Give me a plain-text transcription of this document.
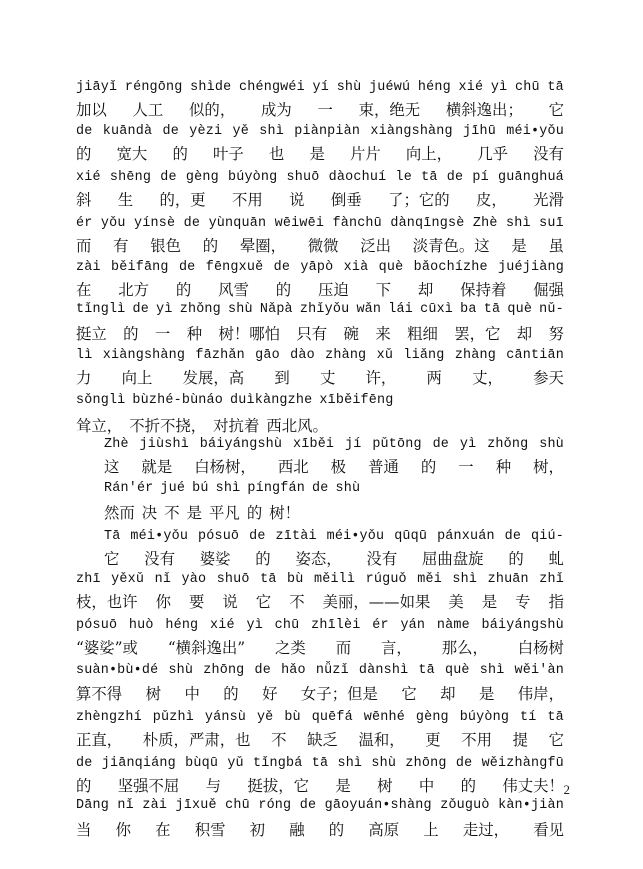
jiāyǐ réngōng shìde chéngwéi yí shù juéwú héng xié yì chū tā
加以 人工 似的， 成为 一 束，绝无 横斜逸出； 它
de kuāndà de yèzi yě shì piànpiàn xiàngshàng jīhū méi•yǒu
的 宽大 的 叶子 也 是 片片 向上， 几乎 没有
xié shēng de gèng búyòng shuō dàochuí le tā de pí guānghuá
斜 生 的，更 不用 说 倒垂 了；它的 皮， 光滑
ér yǒu yínsè de yùnquān wēiwēi fànchū dànqīngsè Zhè shì suī
而 有 银色 的 晕圈， 微微 泛出 淡青色。这 是 虽
zài běifāng de fēngxuě de yāpò xià què bǎochízhe juéjiàng
在 北方 的 风雪 的 压迫 下 却 保持着 倔强
tǐnglì de yì zhǒng shù Nǎpà zhǐyǒu wǎn lái cūxì ba tā què nǔ-
挺立 的 一 种 树！哪怕 只有 碗 来 粗细 罢，它 却 努
lì xiàngshàng fāzhǎn gāo dào zhàng xǔ liǎng zhàng cāntiān
力 向上 发展，高 到 丈 许， 两 丈， 参天
sǒnglì bùzhé-bùnáo duìkàngzhe xīběifēng
耸立， 不折不挠， 对抗着 西北风。
Zhè jiùshì báiyángshù xīběi jí pǔtōng de yì zhǒng shù
这 就是 白杨树， 西北 极 普通 的 一 种 树，
Rán'ér jué bú shì píngfán de shù
然而 决 不 是 平凡 的 树！
Tā méi•yǒu pósuō de zītài méi•yǒu qūqū pánxuán de qiú-
它 没有 婆娑 的 姿态， 没有 屈曲盘旋 的 虬
zhī yěxǔ nǐ yào shuō tā bù měilì rúguǒ měi shì zhuān zhǐ
枝，也许 你 要 说 它 不 美丽，——如果 美 是 专 指
pósuō huò héng xié yì chū zhīlèi ér yán nàme báiyángshù
“婆娑”或 “横斜逸出” 之类 而 言， 那么， 白杨树
suàn•bù•dé shù zhōng de hǎo nǚzǐ dànshì tā què shì wěi'àn
算不得 树 中 的 好 女子；但是 它 却 是 伟岸，
zhèngzhí pǔzhì yánsù yě bù quēfá wēnhé gèng búyòng tí tā
正直， 朴质，严肃，也 不 缺乏 温和， 更 不用 提 它
de jiānqiáng bùqū yǔ tǐngbá tā shì shù zhōng de wěizhàngfū
的 坚强不屈 与 挺拔，它 是 树 中 的 伟丈夫！
Dāng nǐ zài jīxuě chū róng de gāoyuán•shàng zǒuguò kàn•jiàn
当 你 在 积雪 初 融 的 高原 上 走过， 看见
2
